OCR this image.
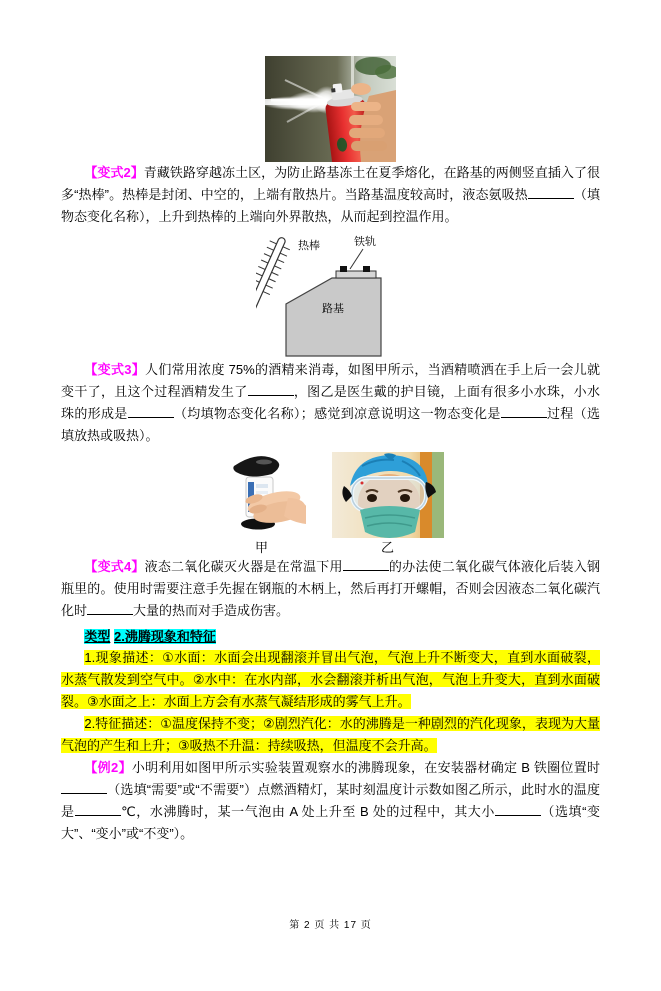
【变式2】青藏铁路穿越冻土区，为防止路基冻土在夏季熔化，在路基的两侧竖直插入了很多“热棒”。热棒是封闭、中空的，上端有散热片。当路基温度较高时，液态氨吸热	（填物态变化名称），上升到热棒的上端向外界散热，从而起到控温作用。

热棒	铁轨
路基

【变式3】人们常用浓度 75%的酒精来消毒，如图甲所示，当酒精喷洒在手上后一会儿就变干了，且这个过程酒精发生了	，图乙是医生戴的护目镜，上面有很多小水珠，小水珠的形成是	（均填物态变化名称）；感觉到凉意说明这一物态变化是	过程（选填放热或吸热）。

甲	乙

【变式4】液态二氧化碳灭火器是在常温下用	的办法使二氧化碳气体液化后装入钢瓶里的。使用时需要注意手先握在钢瓶的木柄上，然后再打开螺帽，否则会因液态二氧化碳汽化时	大量的热而对手造成伤害。

类型 2.沸腾现象和特征

1.现象描述：①水面：水面会出现翻滚并冒出气泡，气泡上升不断变大，直到水面破裂，水蒸气散发到空气中。②水中：在水内部，水会翻滚并析出气泡，气泡上升变大，直到水面破裂。③水面之上：水面上方会有水蒸气凝结形成的雾气上升。

2.特征描述：①温度保持不变；②剧烈汽化：水的沸腾是一种剧烈的汽化现象，表现为大量气泡的产生和上升；③吸热不升温：持续吸热，但温度不会升高。

【例2】小明利用如图甲所示实验装置观察水的沸腾现象，在安装器材确定 B 铁圈位置时（选填“需要”或“不需要”）点燃酒精灯，某时刻温度计示数如图乙所示，此时水的温度是	℃，水沸腾时，某一气泡由 A 处上升至 B 处的过程中，其大小	（选填“变大”、“变小”或“不变”）。

第 2 页 共 17 页
